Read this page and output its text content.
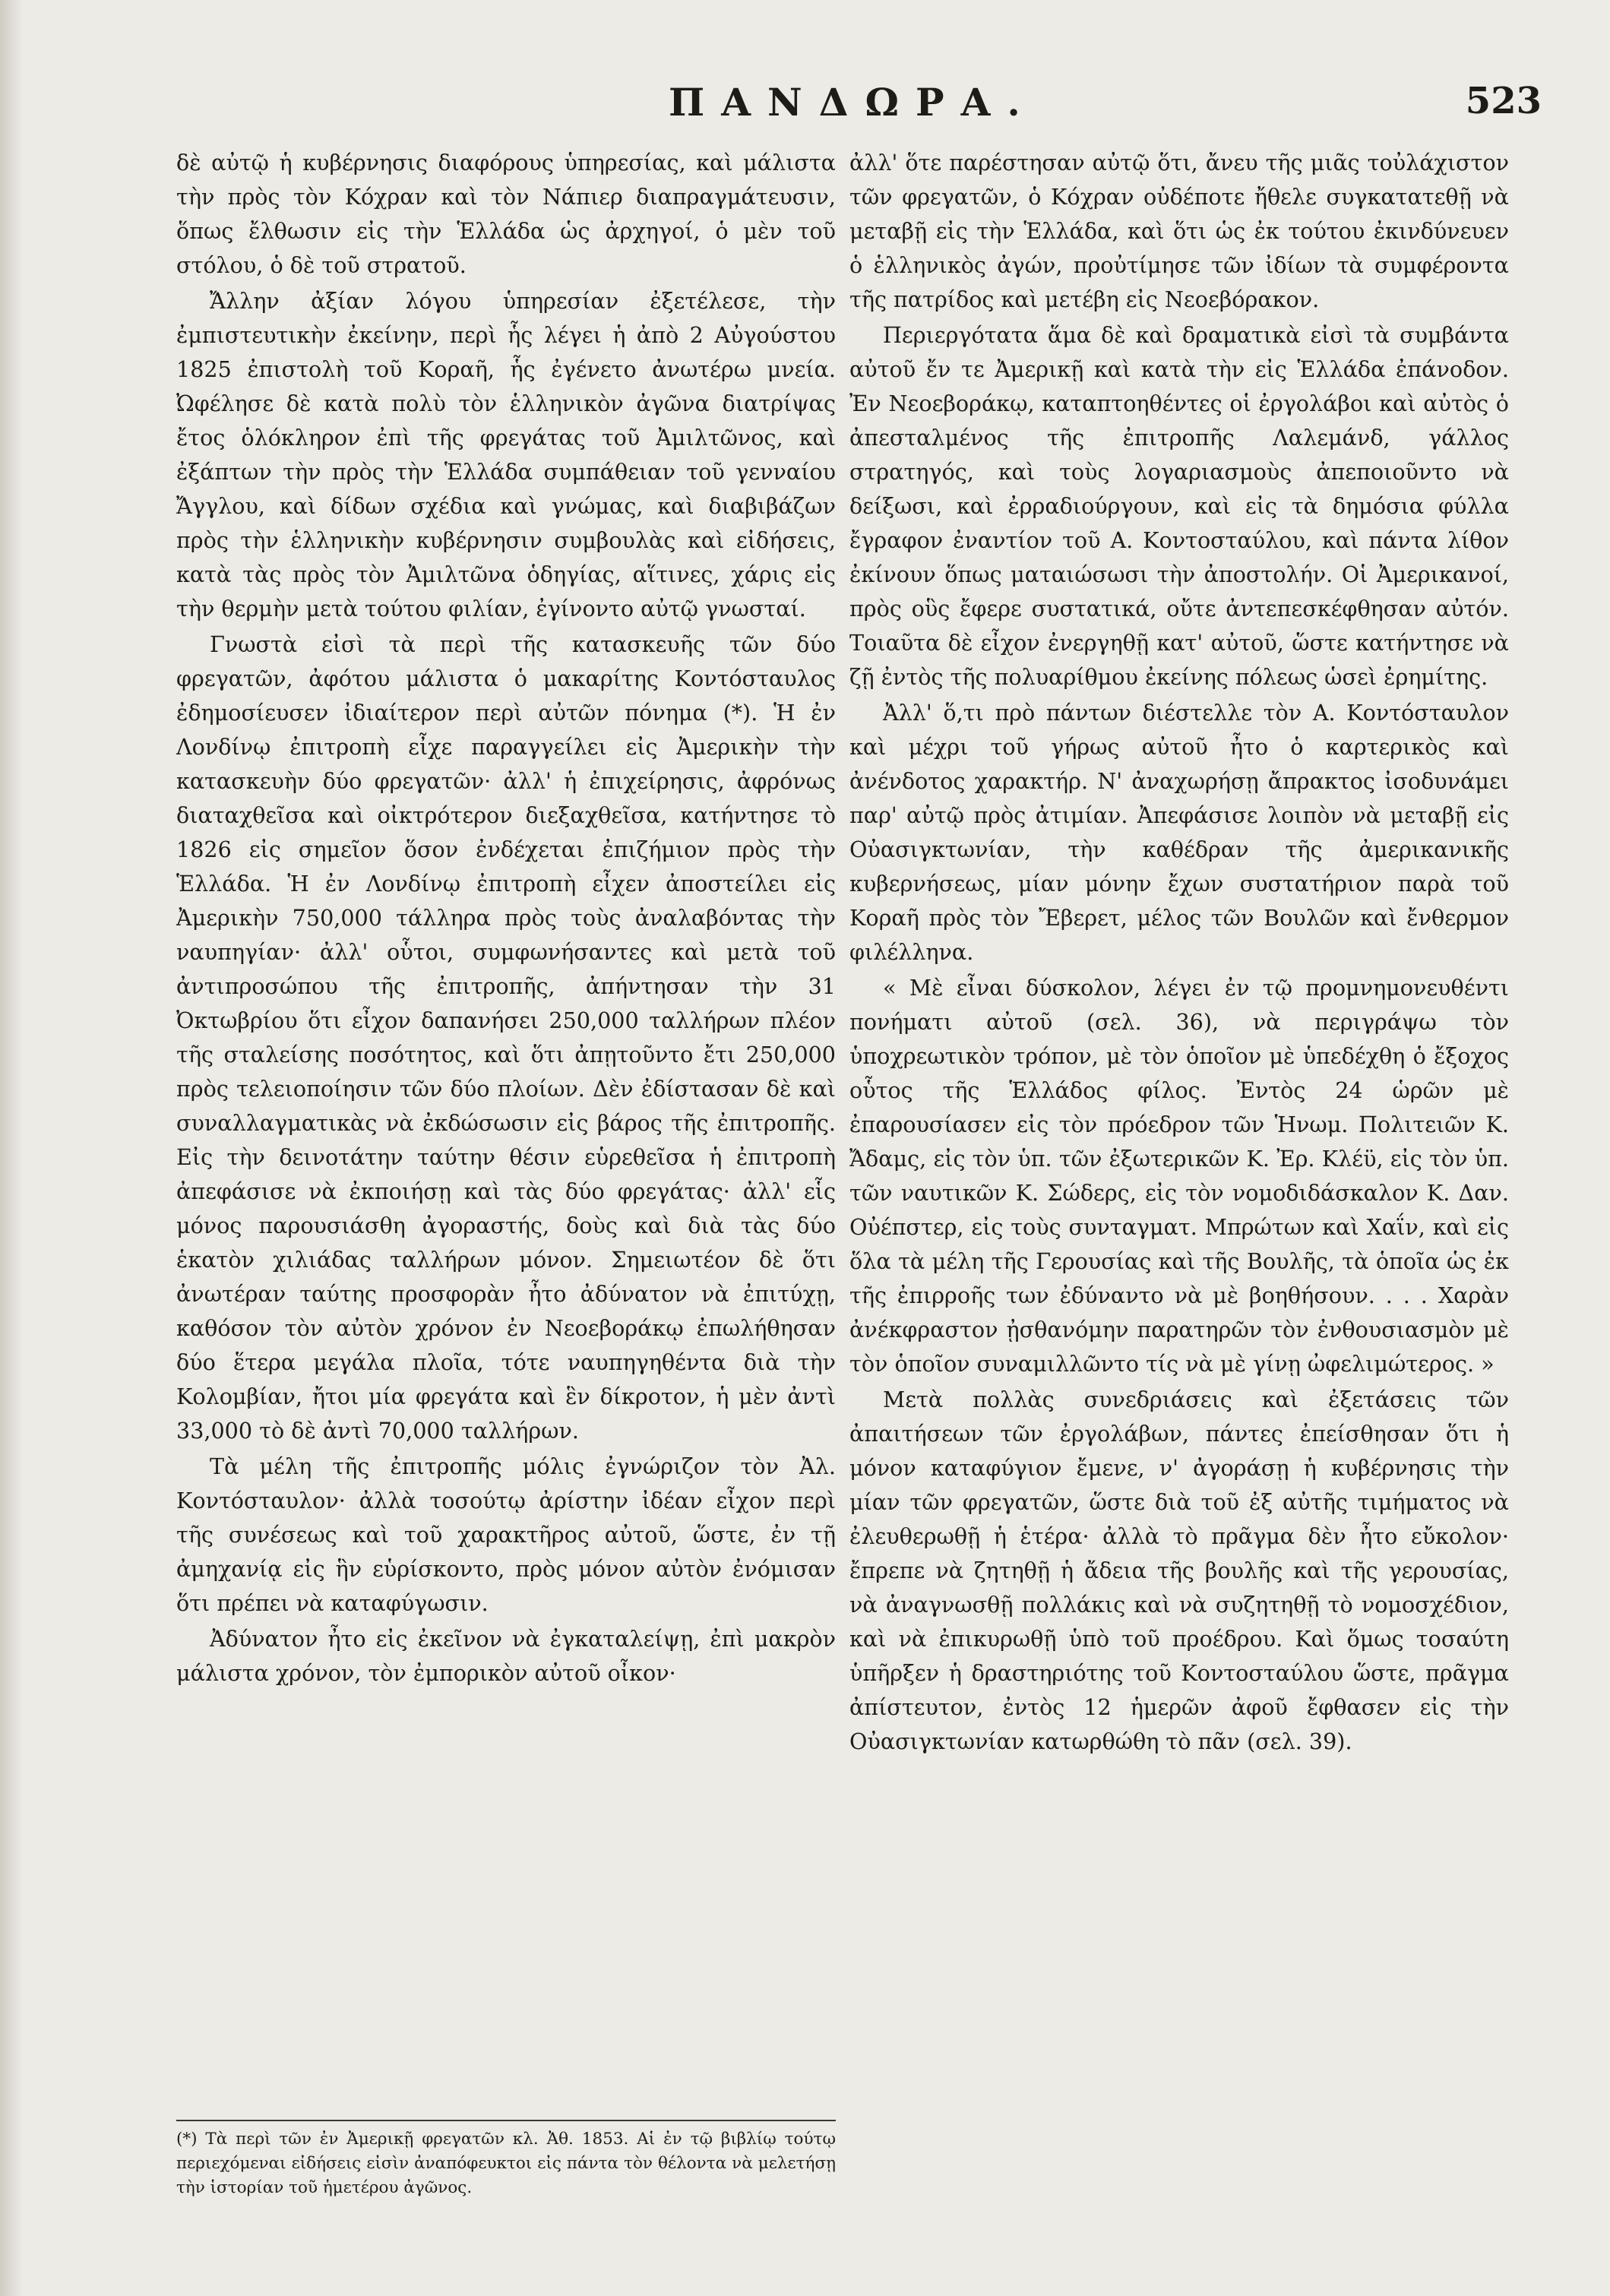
ΠΑΝΔΩΡΑ.	523

δὲ αὐτῷ ἡ κυβέρνησις διαφόρους ὑπηρεσίας, καὶ μάλιστα τὴν πρὸς τὸν Κόχραν καὶ τὸν Νάπιερ διαπραγμάτευσιν, ὅπως ἔλθωσιν εἰς τὴν Ἑλλάδα ὡς ἀρχηγοί, ὁ μὲν τοῦ στόλου, ὁ δὲ τοῦ στρατοῦ.

Ἄλλην ἀξίαν λόγου ὑπηρεσίαν ἐξετέλεσε, τὴν ἐμπιστευτικὴν ἐκείνην, περὶ ἧς λέγει ἡ ἀπὸ 2 Αὐγούστου 1825 ἐπιστολὴ τοῦ Κοραῆ, ἧς ἐγένετο ἀνωτέρω μνεία. Ὠφέλησε δὲ κατὰ πολὺ τὸν ἑλληνικὸν ἀγῶνα διατρίψας ἔτος ὁλόκληρον ἐπὶ τῆς φρεγάτας τοῦ Ἀμιλτῶνος, καὶ ἐξάπτων τὴν πρὸς τὴν Ἑλλάδα συμπάθειαν τοῦ γενναίου Ἄγγλου, καὶ δίδων σχέδια καὶ γνώμας, καὶ διαβιβάζων πρὸς τὴν ἑλληνικὴν κυβέρνησιν συμβουλὰς καὶ εἰδήσεις, κατὰ τὰς πρὸς τὸν Ἀμιλτῶνα ὁδηγίας, αἵτινες, χάρις εἰς τὴν θερμὴν μετὰ τούτου φιλίαν, ἐγίνοντο αὐτῷ γνωσταί.

Γνωστὰ εἰσὶ τὰ περὶ τῆς κατασκευῆς τῶν δύο φρεγατῶν, ἀφότου μάλιστα ὁ μακαρίτης Κοντόσταυλος ἐδημοσίευσεν ἰδιαίτερον περὶ αὐτῶν πόνημα (*). Ἡ ἐν Λονδίνῳ ἐπιτροπὴ εἶχε παραγγείλει εἰς Ἀμερικὴν τὴν κατασκευὴν δύο φρεγατῶν· ἀλλ' ἡ ἐπιχείρησις, ἀφρόνως διαταχθεῖσα καὶ οἰκτρότερον διεξαχθεῖσα, κατήντησε τὸ 1826 εἰς σημεῖον ὅσον ἐνδέχεται ἐπιζήμιον πρὸς τὴν Ἑλλάδα. Ἡ ἐν Λονδίνῳ ἐπιτροπὴ εἶχεν ἀποστείλει εἰς Ἀμερικὴν 750,000 τάλληρα πρὸς τοὺς ἀναλαβόντας τὴν ναυπηγίαν· ἀλλ' οὗτοι, συμφωνήσαντες καὶ μετὰ τοῦ ἀντιπροσώπου τῆς ἐπιτροπῆς, ἀπήντησαν τὴν 31 Ὀκτωβρίου ὅτι εἶχον δαπανήσει 250,000 ταλλήρων πλέον τῆς σταλείσης ποσότητος, καὶ ὅτι ἀπῃτοῦντο ἔτι 250,000 πρὸς τελειοποίησιν τῶν δύο πλοίων. Δὲν ἐδίστασαν δὲ καὶ συναλλαγματικὰς νὰ ἐκδώσωσιν εἰς βάρος τῆς ἐπιτροπῆς. Εἰς τὴν δεινοτάτην ταύτην θέσιν εὑρεθεῖσα ἡ ἐπιτροπὴ ἀπεφάσισε νὰ ἐκποιήσῃ καὶ τὰς δύο φρεγάτας· ἀλλ' εἷς μόνος παρουσιάσθη ἀγοραστής, δοὺς καὶ διὰ τὰς δύο ἑκατὸν χιλιάδας ταλλήρων μόνον. Σημειωτέον δὲ ὅτι ἀνωτέραν ταύτης προσφορὰν ἦτο ἀδύνατον νὰ ἐπιτύχῃ, καθόσον τὸν αὐτὸν χρόνον ἐν Νεοεβοράκῳ ἐπωλήθησαν δύο ἕτερα μεγάλα πλοῖα, τότε ναυπηγηθέντα διὰ τὴν Κολομβίαν, ἤτοι μία φρεγάτα καὶ ἓν δίκροτον, ἡ μὲν ἀντὶ 33,000 τὸ δὲ ἀντὶ 70,000 ταλλήρων.

Τὰ μέλη τῆς ἐπιτροπῆς μόλις ἐγνώριζον τὸν Ἀλ. Κοντόσταυλον· ἀλλὰ τοσούτῳ ἀρίστην ἰδέαν εἶχον περὶ τῆς συνέσεως καὶ τοῦ χαρακτῆρος αὐτοῦ, ὥστε, ἐν τῇ ἀμηχανίᾳ εἰς ἣν εὑρίσκοντο, πρὸς μόνον αὐτὸν ἐνόμισαν ὅτι πρέπει νὰ καταφύγωσιν.

Ἀδύνατον ἦτο εἰς ἐκεῖνον νὰ ἐγκαταλείψῃ, ἐπὶ μακρὸν μάλιστα χρόνον, τὸν ἐμπορικὸν αὐτοῦ οἶκον·

(*) Τὰ περὶ τῶν ἐν Ἀμερικῇ φρεγατῶν κλ. Ἀθ. 1853. Αἱ ἐν τῷ βιβλίῳ τούτῳ περιεχόμεναι εἰδήσεις εἰσὶν ἀναπόφευκτοι εἰς πάντα τὸν θέλοντα νὰ μελετήσῃ τὴν ἱστορίαν τοῦ ἡμετέρου ἀγῶνος.

ἀλλ' ὅτε παρέστησαν αὐτῷ ὅτι, ἄνευ τῆς μιᾶς τοὐλάχιστον τῶν φρεγατῶν, ὁ Κόχραν οὐδέποτε ἤθελε συγκατατεθῇ νὰ μεταβῇ εἰς τὴν Ἑλλάδα, καὶ ὅτι ὡς ἐκ τούτου ἐκινδύνευεν ὁ ἑλληνικὸς ἀγών, προὐτίμησε τῶν ἰδίων τὰ συμφέροντα τῆς πατρίδος καὶ μετέβη εἰς Νεοεβόρακον.

Περιεργότατα ἅμα δὲ καὶ δραματικὰ εἰσὶ τὰ συμβάντα αὐτοῦ ἔν τε Ἀμερικῇ καὶ κατὰ τὴν εἰς Ἑλλάδα ἐπάνοδον. Ἐν Νεοεβοράκῳ, καταπτοηθέντες οἱ ἐργολάβοι καὶ αὐτὸς ὁ ἀπεσταλμένος τῆς ἐπιτροπῆς Λαλεμάνδ, γάλλος στρατηγός, καὶ τοὺς λογαριασμοὺς ἀπεποιοῦντο νὰ δείξωσι, καὶ ἐρραδιούργουν, καὶ εἰς τὰ δημόσια φύλλα ἔγραφον ἐναντίον τοῦ Α. Κοντοσταύλου, καὶ πάντα λίθον ἐκίνουν ὅπως ματαιώσωσι τὴν ἀποστολήν. Οἱ Ἀμερικανοί, πρὸς οὓς ἔφερε συστατικά, οὔτε ἀντεπεσκέφθησαν αὐτόν. Τοιαῦτα δὲ εἶχον ἐνεργηθῇ κατ' αὐτοῦ, ὥστε κατήντησε νὰ ζῇ ἐντὸς τῆς πολυαρίθμου ἐκείνης πόλεως ὡσεὶ ἐρημίτης.

Ἀλλ' ὅ,τι πρὸ πάντων διέστελλε τὸν Α. Κοντόσταυλον καὶ μέχρι τοῦ γήρως αὐτοῦ ἦτο ὁ καρτερικὸς καὶ ἀνένδοτος χαρακτήρ. Ν' ἀναχωρήσῃ ἄπρακτος ἰσοδυνάμει παρ' αὐτῷ πρὸς ἀτιμίαν. Ἀπεφάσισε λοιπὸν νὰ μεταβῇ εἰς Οὐασιγκτωνίαν, τὴν καθέδραν τῆς ἀμερικανικῆς κυβερνήσεως, μίαν μόνην ἔχων συστατήριον παρὰ τοῦ Κοραῆ πρὸς τὸν Ἔβερετ, μέλος τῶν Βουλῶν καὶ ἔνθερμον φιλέλληνα.

« Μὲ εἶναι δύσκολον, λέγει ἐν τῷ προμνημονευθέντι πονήματι αὐτοῦ (σελ. 36), νὰ περιγράψω τὸν ὑποχρεωτικὸν τρόπον, μὲ τὸν ὁποῖον μὲ ὑπεδέχθη ὁ ἔξοχος οὗτος τῆς Ἑλλάδος φίλος. Ἐντὸς 24 ὡρῶν μὲ ἐπαρουσίασεν εἰς τὸν πρόεδρον τῶν Ἡνωμ. Πολιτειῶν Κ. Ἄδαμς, εἰς τὸν ὑπ. τῶν ἐξωτερικῶν Κ. Ἐρ. Κλέϋ, εἰς τὸν ὑπ. τῶν ναυτικῶν Κ. Σώδερς, εἰς τὸν νομοδιδάσκαλον Κ. Δαν. Οὐέπστερ, εἰς τοὺς συνταγματ. Μπρώτων καὶ Χαΐν, καὶ εἰς ὅλα τὰ μέλη τῆς Γερουσίας καὶ τῆς Βουλῆς, τὰ ὁποῖα ὡς ἐκ τῆς ἐπιρροῆς των ἐδύναντο νὰ μὲ βοηθήσουν. . . . Χαρὰν ἀνέκφραστον ᾐσθανόμην παρατηρῶν τὸν ἐνθουσιασμὸν μὲ τὸν ὁποῖον συναμιλλῶντο τίς νὰ μὲ γίνῃ ὠφελιμώτερος. »

Μετὰ πολλὰς συνεδριάσεις καὶ ἐξετάσεις τῶν ἀπαιτήσεων τῶν ἐργολάβων, πάντες ἐπείσθησαν ὅτι ἡ μόνον καταφύγιον ἔμενε, ν' ἀγοράσῃ ἡ κυβέρνησις τὴν μίαν τῶν φρεγατῶν, ὥστε διὰ τοῦ ἐξ αὐτῆς τιμήματος νὰ ἐλευθερωθῇ ἡ ἑτέρα· ἀλλὰ τὸ πρᾶγμα δὲν ἦτο εὔκολον· ἔπρεπε νὰ ζητηθῇ ἡ ἄδεια τῆς βουλῆς καὶ τῆς γερουσίας, νὰ ἀναγνωσθῇ πολλάκις καὶ νὰ συζητηθῇ τὸ νομοσχέδιον, καὶ νὰ ἐπικυρωθῇ ὑπὸ τοῦ προέδρου. Καὶ ὅμως τοσαύτη ὑπῆρξεν ἡ δραστηριότης τοῦ Κοντοσταύλου ὥστε, πρᾶγμα ἀπίστευτον, ἐντὸς 12 ἡμερῶν ἀφοῦ ἔφθασεν εἰς τὴν Οὐασιγκτωνίαν κατωρθώθη τὸ πᾶν (σελ. 39).
